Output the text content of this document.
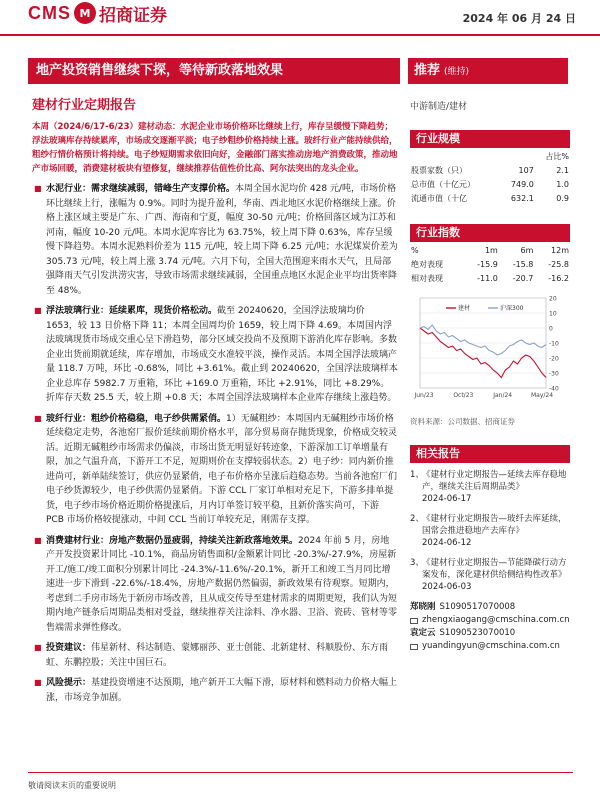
CMS M 招商证券	2024 年 06 月 24 日
地产投资销售继续下探，等待新政落地效果	推荐 (维持)
建材行业定期报告
本周（2024/6/17-6/23）建材动态：水泥企业市场价格环比继续上行，库存呈缓慢下降趋势；浮法玻璃库存持续累库，市场成交逐渐平淡；电子纱粗纱价格持续上涨。玻纤行业产能持续供给，粗纱行情价格预计将持续。电子纱短期需求依旧向好，金融部门落实推动房地产消费政策，推动地产市场回暖，消费建材板块有望修复，继续推荐估值性价比高、阿尔法突出的龙头企业。
■ 水泥行业：需求继续减弱，错峰生产支撑价格。本周全国水泥均价 428 元/吨，市场价格环比继续上行，涨幅为 0.9%。同时为提升盈利，华南、西北地区水泥价格继续上涨。价格上涨区域主要是广东、广西、海南和宁夏，幅度 30-50 元/吨；价格回落区域为江苏和河南，幅度 10-20 元/吨。本周水泥库容比为 63.75%，较上周下降 0.63%，库存呈缓慢下降趋势。本周水泥熟料价差为 115 元/吨，较上周下降 6.25 元/吨；水泥煤炭价差为 305.73 元/吨，较上周上涨 3.74 元/吨。六月下旬，全国大范围迎来雨水天气，且局部强降雨天气引发洪涝灾害，导致市场需求继续减弱，全国重点地区水泥企业平均出货率降至 48%。
■ 浮法玻璃行业：延续累库，现货价格松动。截至 20240620，全国浮法玻璃均价 1653，较 13 日价格下降 11；本周全国周均价 1659，较上周下降 4.69。本周国内浮法玻璃现货市场成交重心呈下滑趋势，部分区域交投尚不及预期下游消化库存影响。多数企业出货前期就延续，库存增加，市场成交水准较平淡，操作灵活。本周全国浮法玻璃产量 118.7 万吨，环比 -0.68%，同比 +3.61%。截止到 20240620，全国浮法玻璃样本企业总库存 5982.7 万重箱，环比 +169.0 万重箱，环比 +2.91%，同比 +8.29%。折库存天数 25.5 天，较上期 +0.8 天；本周全国浮法玻璃样本企业库存继续上涨趋势。
■ 玻纤行业：粗纱价格稳稳，电子纱供需紧俏。1）无碱粗纱：本周国内无碱粗纱市场价格延续稳定走势，各池窑厂报价延续前期价格水平，部分贸易商存抛货现象，价格成交较灵活。近期无碱粗纱市场需求仍偏淡，市场出货无明显好转迹象，下游深加工订单增量有限，加之气温升高，下游开工不足，短期则价在支撑较弱状态。2）电子纱：同内新价推进尚可，新单陆续签订，供应仍显紧俏，电子布价格亦呈涨后趋稳态势。当前各池窑厂们电子纱货源较少，电子纱供需仍显紧俏。下游 CCL 厂家订单相对充足下，下游多排单提货，电子纱市场价格近期价格提涨后，月内订单签订较平稳，且新价落实尚可，下游 PCB 市场价格较提涨动，中间 CCL 当前订单较充足，刚需存支撑。
■ 消费建材行业：房地产数据仍显疲弱，持续关注新政落地效果。2024 年前 5 月，房地产开发投资累计同比 -10.1%，商品房销售面积/金额累计同比 -20.3%/-27.9%，房屋新开工/施工/竣工面积分别累计同比 -24.3%/-11.6%/-20.1%，新开工和竣工当月同比增速进一步下滑到 -22.6%/-18.4%，房地产数据仍然偏弱，新政效果有待观察。短期内，考虑到二手房市场先于新房市场改善，且从成交传导至建材需求的周期更短，我们认为短期内地产链条后周期品类相对受益，继续推荐关注涂料、净水器、卫浴、瓷砖、管材等零售端需求弹性修改。
■ 投资建议：伟星新材、科达制造、蒙娜丽莎、亚士创能、北新建材、科顺股份、东方雨虹、东鹏控股；关注中国巨石。
■ 风险提示：基建投资增速不达预期，地产新开工大幅下滑，原材料和燃料动力价格大幅上涨，市场竞争加剧。
中游制造/建材
行业规模
		占比%
股票家数（只）	107	2.1
总市值（十亿元）	749.0	1.0
流通市值（十亿	632.1	0.9
行业指数
%	1m	6m	12m
绝对表现	-15.9	-15.8	-25.8
相对表现	-11.0	-20.7	-16.2
20
10
0
-10
-20
-30
-40
Jun/23	Oct/23	Jan/24	May/24
建材	沪深300
资料来源：公司数据、招商证券
相关报告
1、
《建材行业定期报告—延续去库存稳地产，继续关注后周期品类》
2024-06-17
2、
《建材行业定期报告—玻纤去库延续，国常会推进稳地产去库存》
2024-06-12
3、
《建材行业定期报告—节能降碳行动方案发布，深化建材供给侧结构性改革》
2024-06-03
郑晓刚 S1090517070008
zhengxiaogang@cmschina.com.cn
袁定云 S1090523070010
yuandingyun@cmschina.com.cn
敬请阅读末页的重要说明
